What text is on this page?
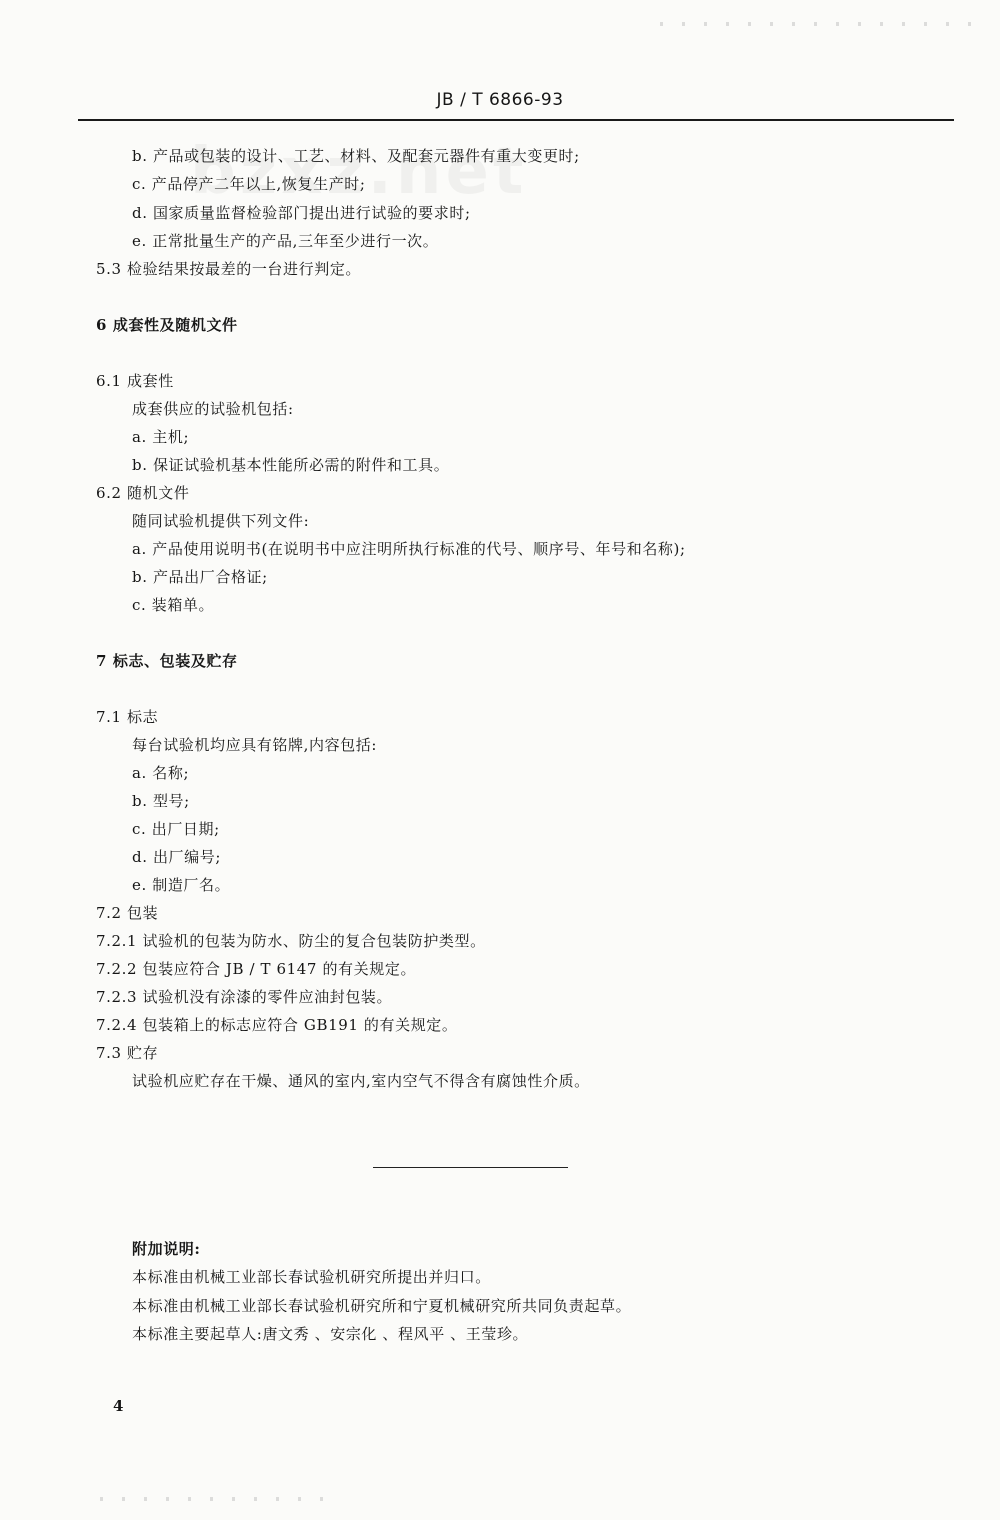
JB / T 6866-93
b. 产品或包装的设计、工艺、材料、及配套元器件有重大变更时;
c. 产品停产二年以上,恢复生产时;
d. 国家质量监督检验部门提出进行试验的要求时;
e. 正常批量生产的产品,三年至少进行一次。
5.3 检验结果按最差的一台进行判定。
6 成套性及随机文件
6.1 成套性
成套供应的试验机包括:
a. 主机;
b. 保证试验机基本性能所必需的附件和工具。
6.2 随机文件
随同试验机提供下列文件:
a. 产品使用说明书(在说明书中应注明所执行标准的代号、顺序号、年号和名称);
b. 产品出厂合格证;
c. 装箱单。
7 标志、包装及贮存
7.1 标志
每台试验机均应具有铭牌,内容包括:
a. 名称;
b. 型号;
c. 出厂日期;
d. 出厂编号;
e. 制造厂名。
7.2 包装
7.2.1 试验机的包装为防水、防尘的复合包装防护类型。
7.2.2 包装应符合 JB / T 6147 的有关规定。
7.2.3 试验机没有涂漆的零件应油封包装。
7.2.4 包装箱上的标志应符合 GB191 的有关规定。
7.3 贮存
试验机应贮存在干燥、通风的室内,室内空气不得含有腐蚀性介质。
附加说明:
本标准由机械工业部长春试验机研究所提出并归口。
本标准由机械工业部长春试验机研究所和宁夏机械研究所共同负责起草。
本标准主要起草人:唐文秀 、安宗化 、程风平 、王莹珍。
4
